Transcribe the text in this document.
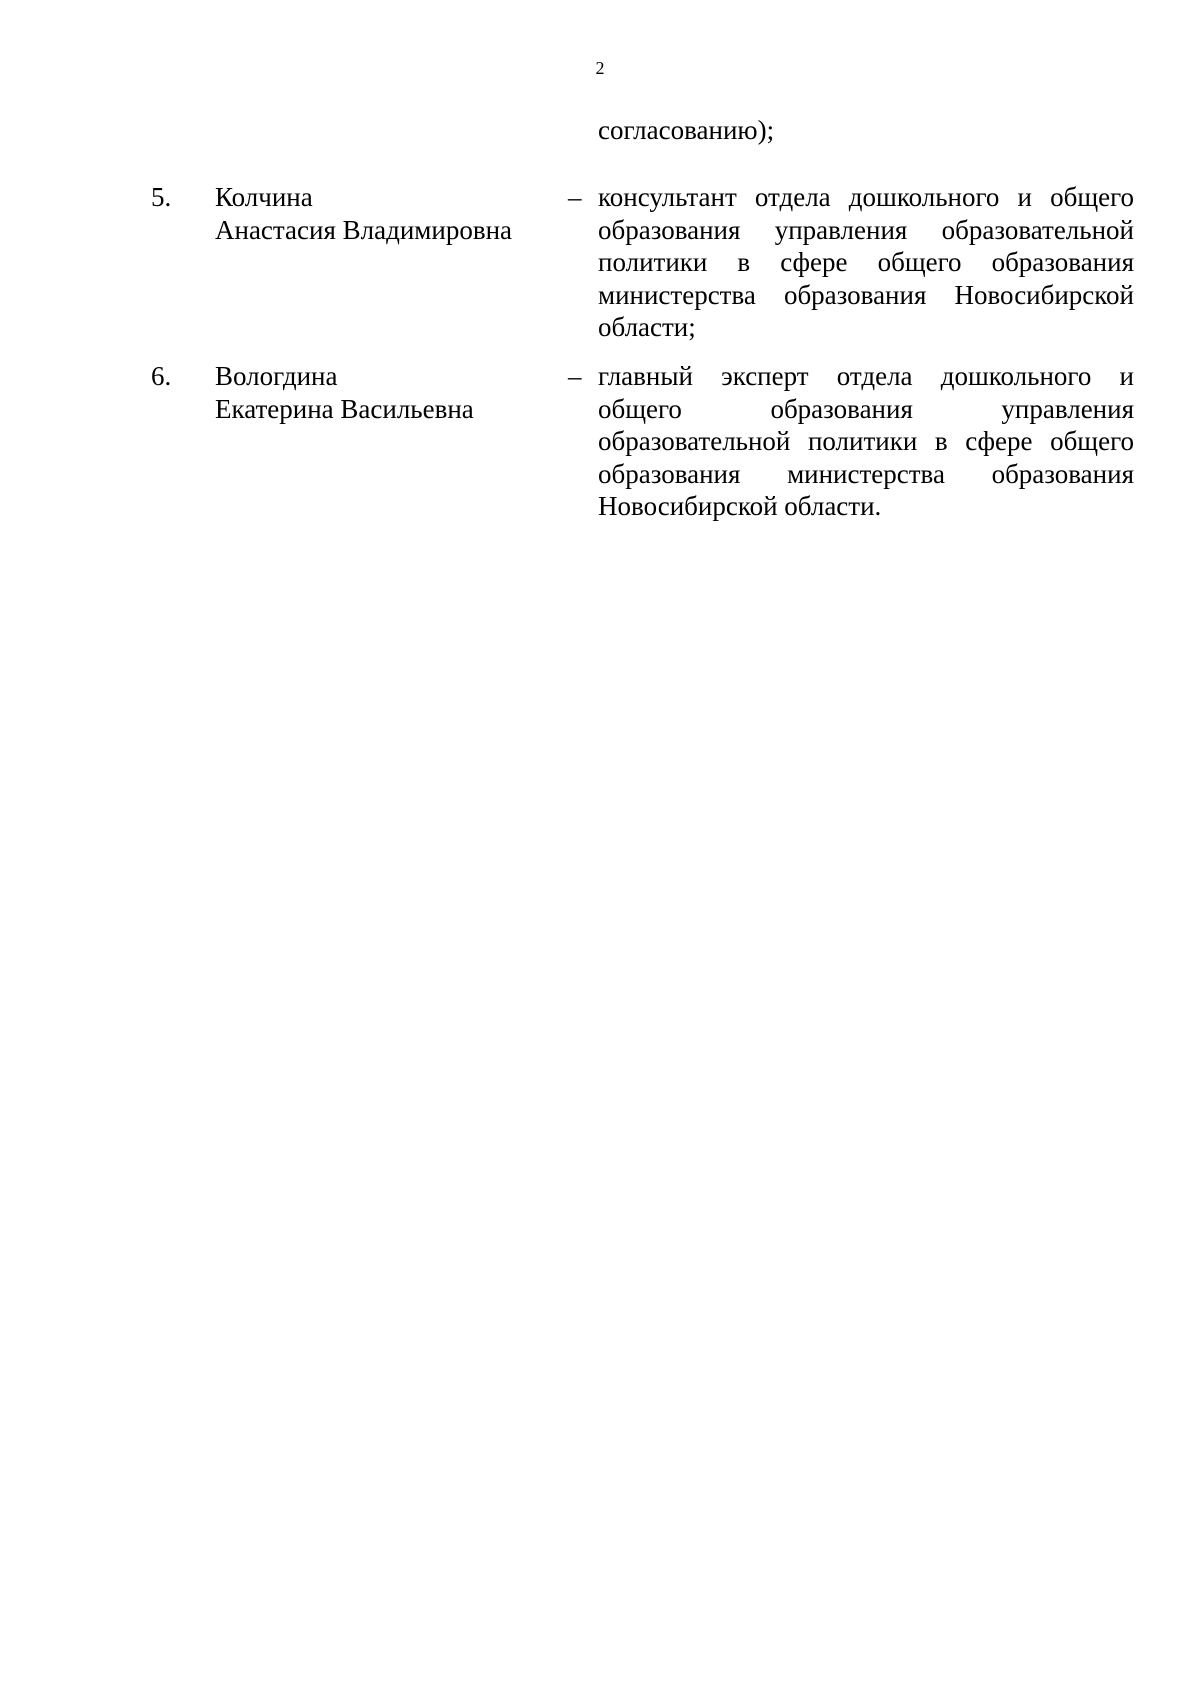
2
согласованию);
5. Колчина
Анастасия Владимировна
– консультант отдела дошкольного и общего образования управления образовательной политики в сфере общего образования министерства образования Новосибирской области;

6. Вологдина
Екатерина Васильевна
– главный эксперт отдела дошкольного и общего образования управления образовательной политики в сфере общего образования министерства образования Новосибирской области.
